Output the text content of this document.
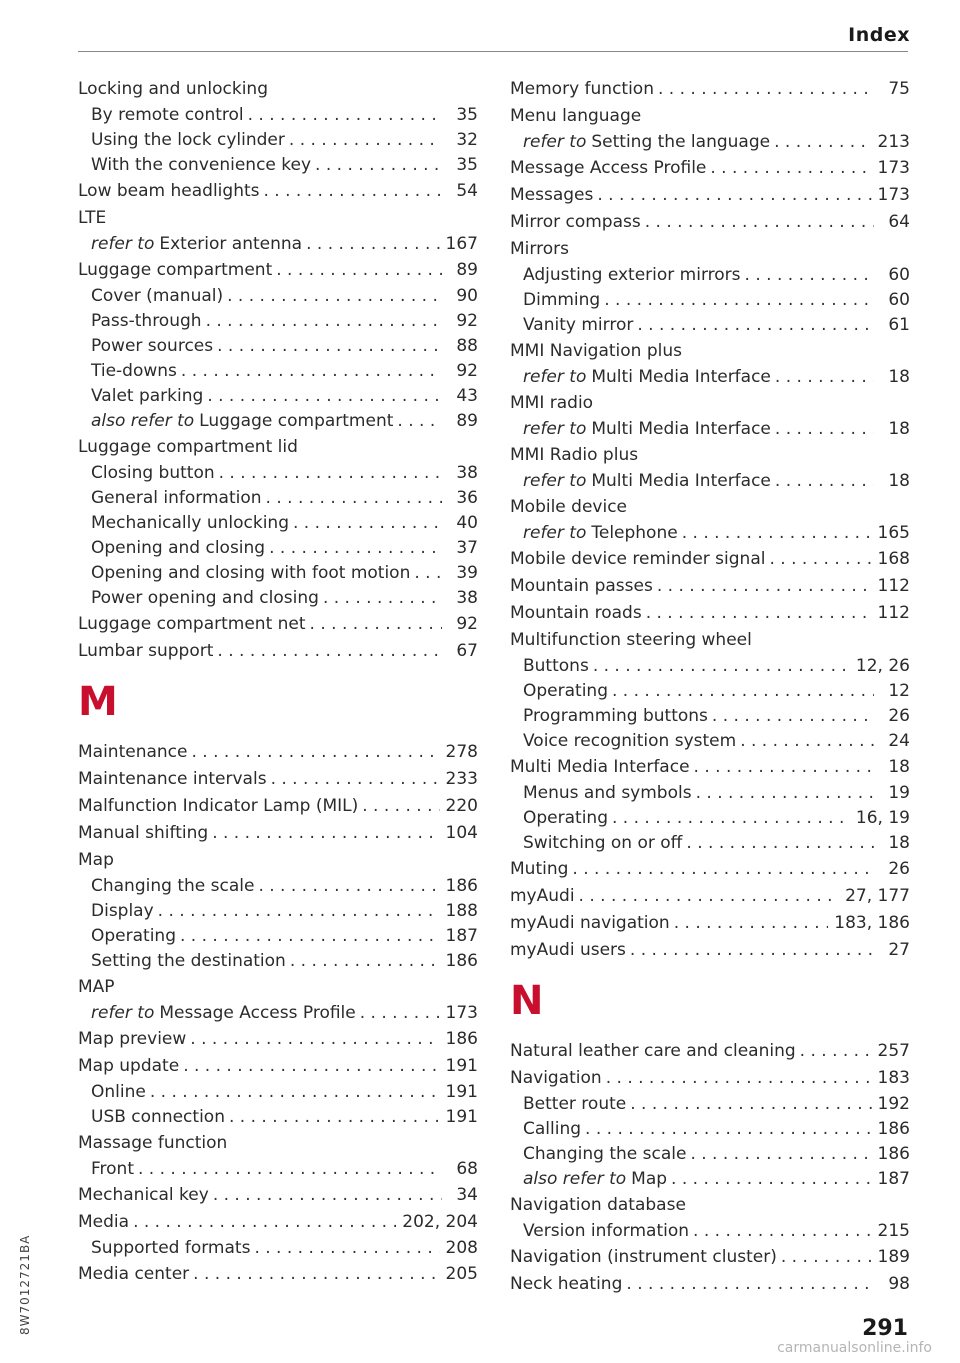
Index
Locking and unlocking
By remote control . . .	35
Using the lock cylinder . . .	32
With the convenience key . . .	35
Low beam headlights . . .	54
LTE
refer to Exterior antenna . . .	167
Luggage compartment . . .	89
Cover (manual) . . .	90
Pass-through . . .	92
Power sources . . .	88
Tie-downs . . .	92
Valet parking . . .	43
also refer to Luggage compartment . . .	89
Luggage compartment lid
Closing button . . .	38
General information . . .	36
Mechanically unlocking . . .	40
Opening and closing . . .	37
Opening and closing with foot motion . . .	39
Power opening and closing . . .	38
Luggage compartment net . . .	92
Lumbar support . . .	67
M
Maintenance . . .	278
Maintenance intervals . . .	233
Malfunction Indicator Lamp (MIL) . . .	220
Manual shifting . . .	104
Map
Changing the scale . . .	186
Display . . .	188
Operating . . .	187
Setting the destination . . .	186
MAP
refer to Message Access Profile . . .	173
Map preview . . .	186
Map update . . .	191
Online . . .	191
USB connection . . .	191
Massage function
Front . . .	68
Mechanical key . . .	34
Media . . .	202, 204
Supported formats . . .	208
Media center . . .	205
Memory function . . .	75
Menu language
refer to Setting the language . . .	213
Message Access Profile . . .	173
Messages . . .	173
Mirror compass . . .	64
Mirrors
Adjusting exterior mirrors . . .	60
Dimming . . .	60
Vanity mirror . . .	61
MMI Navigation plus
refer to Multi Media Interface . . .	18
MMI radio
refer to Multi Media Interface . . .	18
MMI Radio plus
refer to Multi Media Interface . . .	18
Mobile device
refer to Telephone . . .	165
Mobile device reminder signal . . .	168
Mountain passes . . .	112
Mountain roads . . .	112
Multifunction steering wheel
Buttons . . .	12, 26
Operating . . .	12
Programming buttons . . .	26
Voice recognition system . . .	24
Multi Media Interface . . .	18
Menus and symbols . . .	19
Operating . . .	16, 19
Switching on or off . . .	18
Muting . . .	26
myAudi . . .	27, 177
myAudi navigation . . .	183, 186
myAudi users . . .	27
N
Natural leather care and cleaning . . .	257
Navigation . . .	183
Better route . . .	192
Calling . . .	186
Changing the scale . . .	186
also refer to Map . . .	187
Navigation database
Version information . . .	215
Navigation (instrument cluster) . . .	189
Neck heating . . .	98
8W7012721BA	291
carmanualsonline.info
